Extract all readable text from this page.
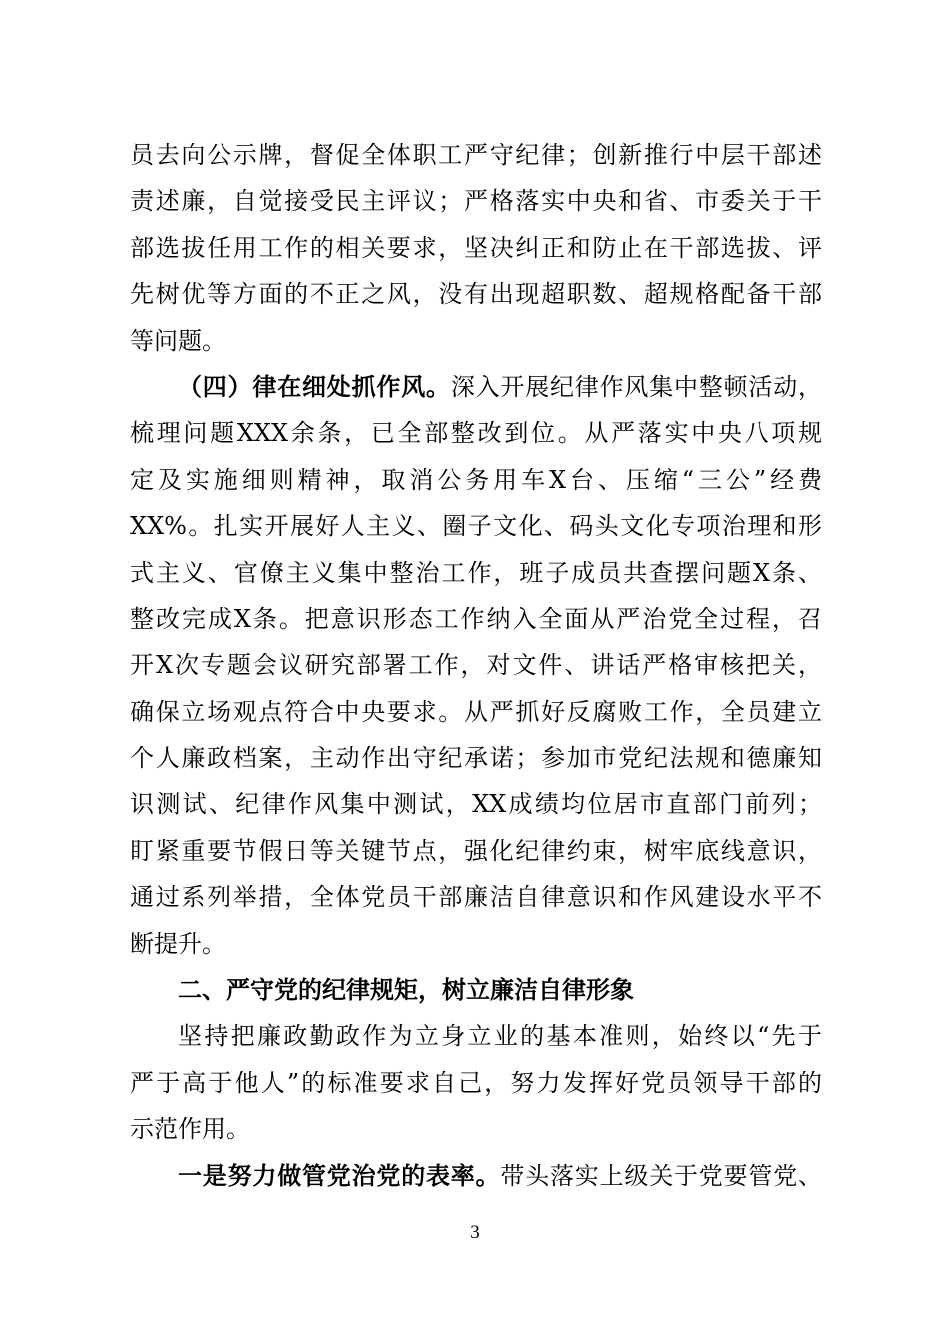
员去向公示牌，督促全体职工严守纪律；创新推行中层干部述
责述廉，自觉接受民主评议；严格落实中央和省、市委关于干
部选拔任用工作的相关要求，坚决纠正和防止在干部选拔、评
先树优等方面的不正之风，没有出现超职数、超规格配备干部
等问题。
（四）律在细处抓作风。深入开展纪律作风集中整顿活动，
梳理问题XXX余条，已全部整改到位。从严落实中央八项规
定及实施细则精神，取消公务用车X台、压缩“三公”经费
XX%。扎实开展好人主义、圈子文化、码头文化专项治理和形
式主义、官僚主义集中整治工作，班子成员共查摆问题X条、
整改完成X条。把意识形态工作纳入全面从严治党全过程，召
开X次专题会议研究部署工作，对文件、讲话严格审核把关，
确保立场观点符合中央要求。从严抓好反腐败工作，全员建立
个人廉政档案，主动作出守纪承诺；参加市党纪法规和德廉知
识测试、纪律作风集中测试，XX成绩均位居市直部门前列；
盯紧重要节假日等关键节点，强化纪律约束，树牢底线意识，
通过系列举措，全体党员干部廉洁自律意识和作风建设水平不
断提升。
二、严守党的纪律规矩，树立廉洁自律形象
坚持把廉政勤政作为立身立业的基本准则，始终以“先于
严于高于他人”的标准要求自己，努力发挥好党员领导干部的
示范作用。
一是努力做管党治党的表率。带头落实上级关于党要管党、
3
